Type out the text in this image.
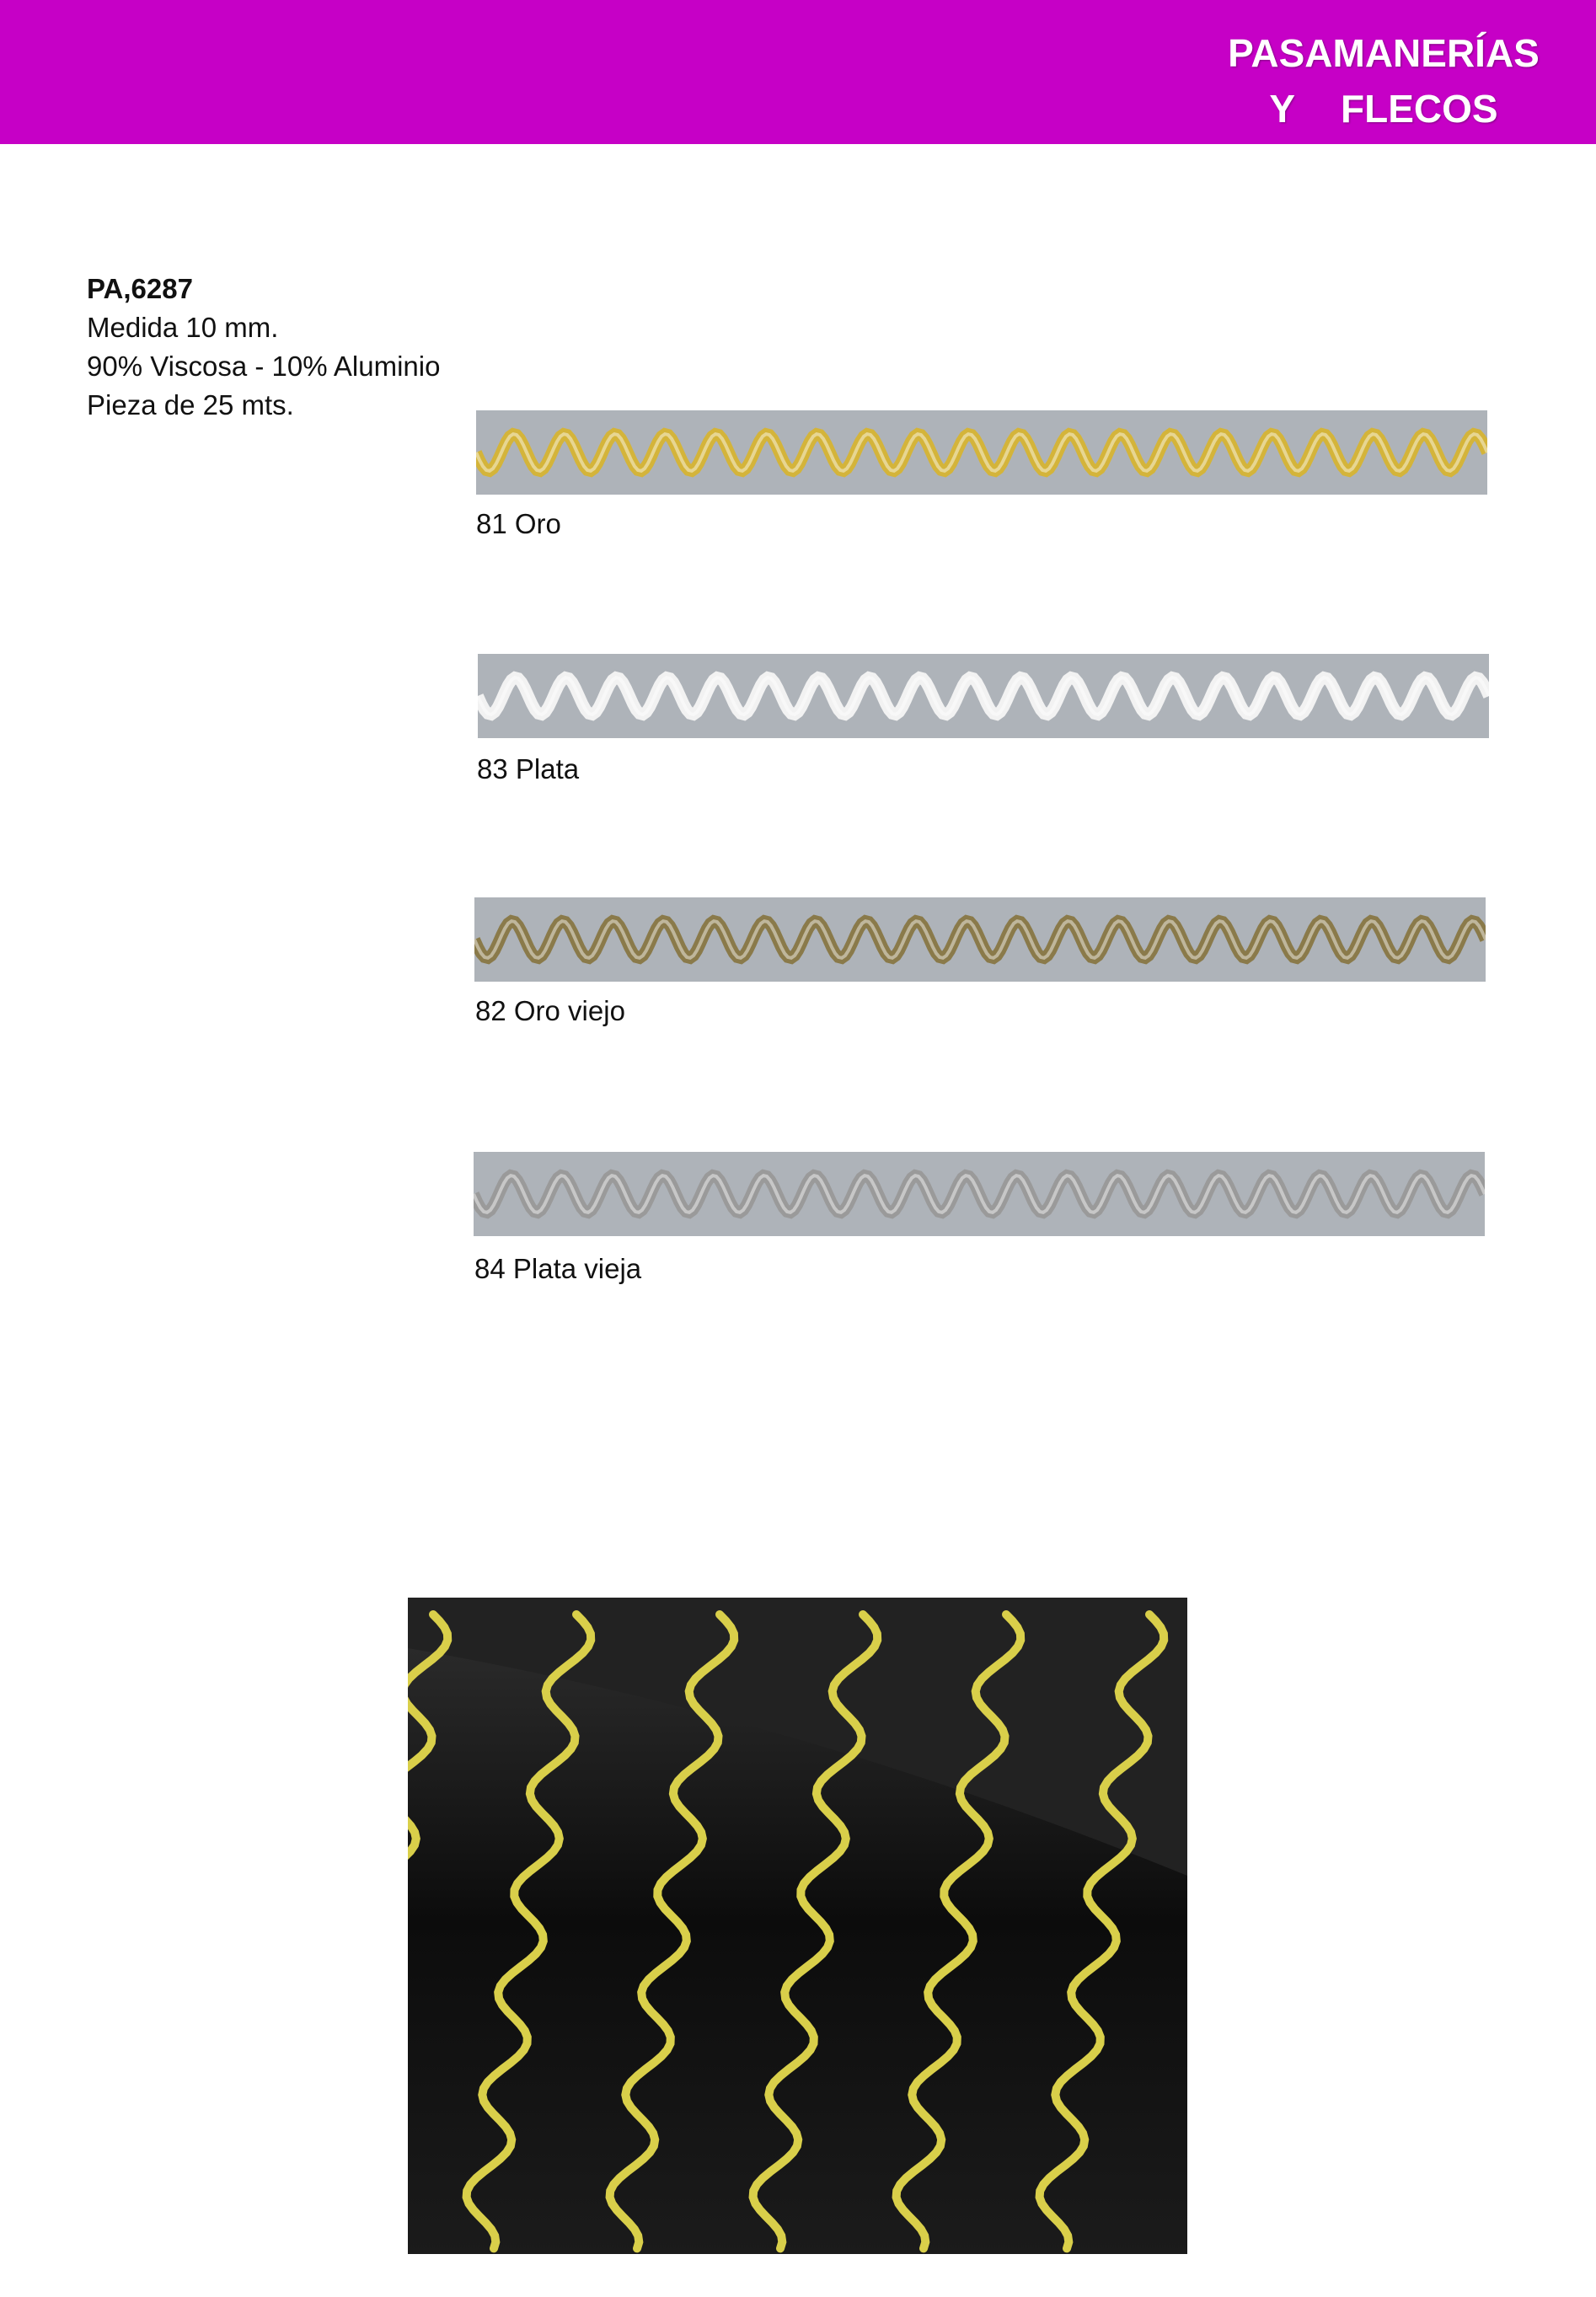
PASAMANERÍAS
Y FLECOS
PA,6287
Medida 10 mm.
90% Viscosa - 10% Aluminio
Pieza de 25 mts.
81 Oro
83 Plata
82 Oro viejo
84 Plata vieja
